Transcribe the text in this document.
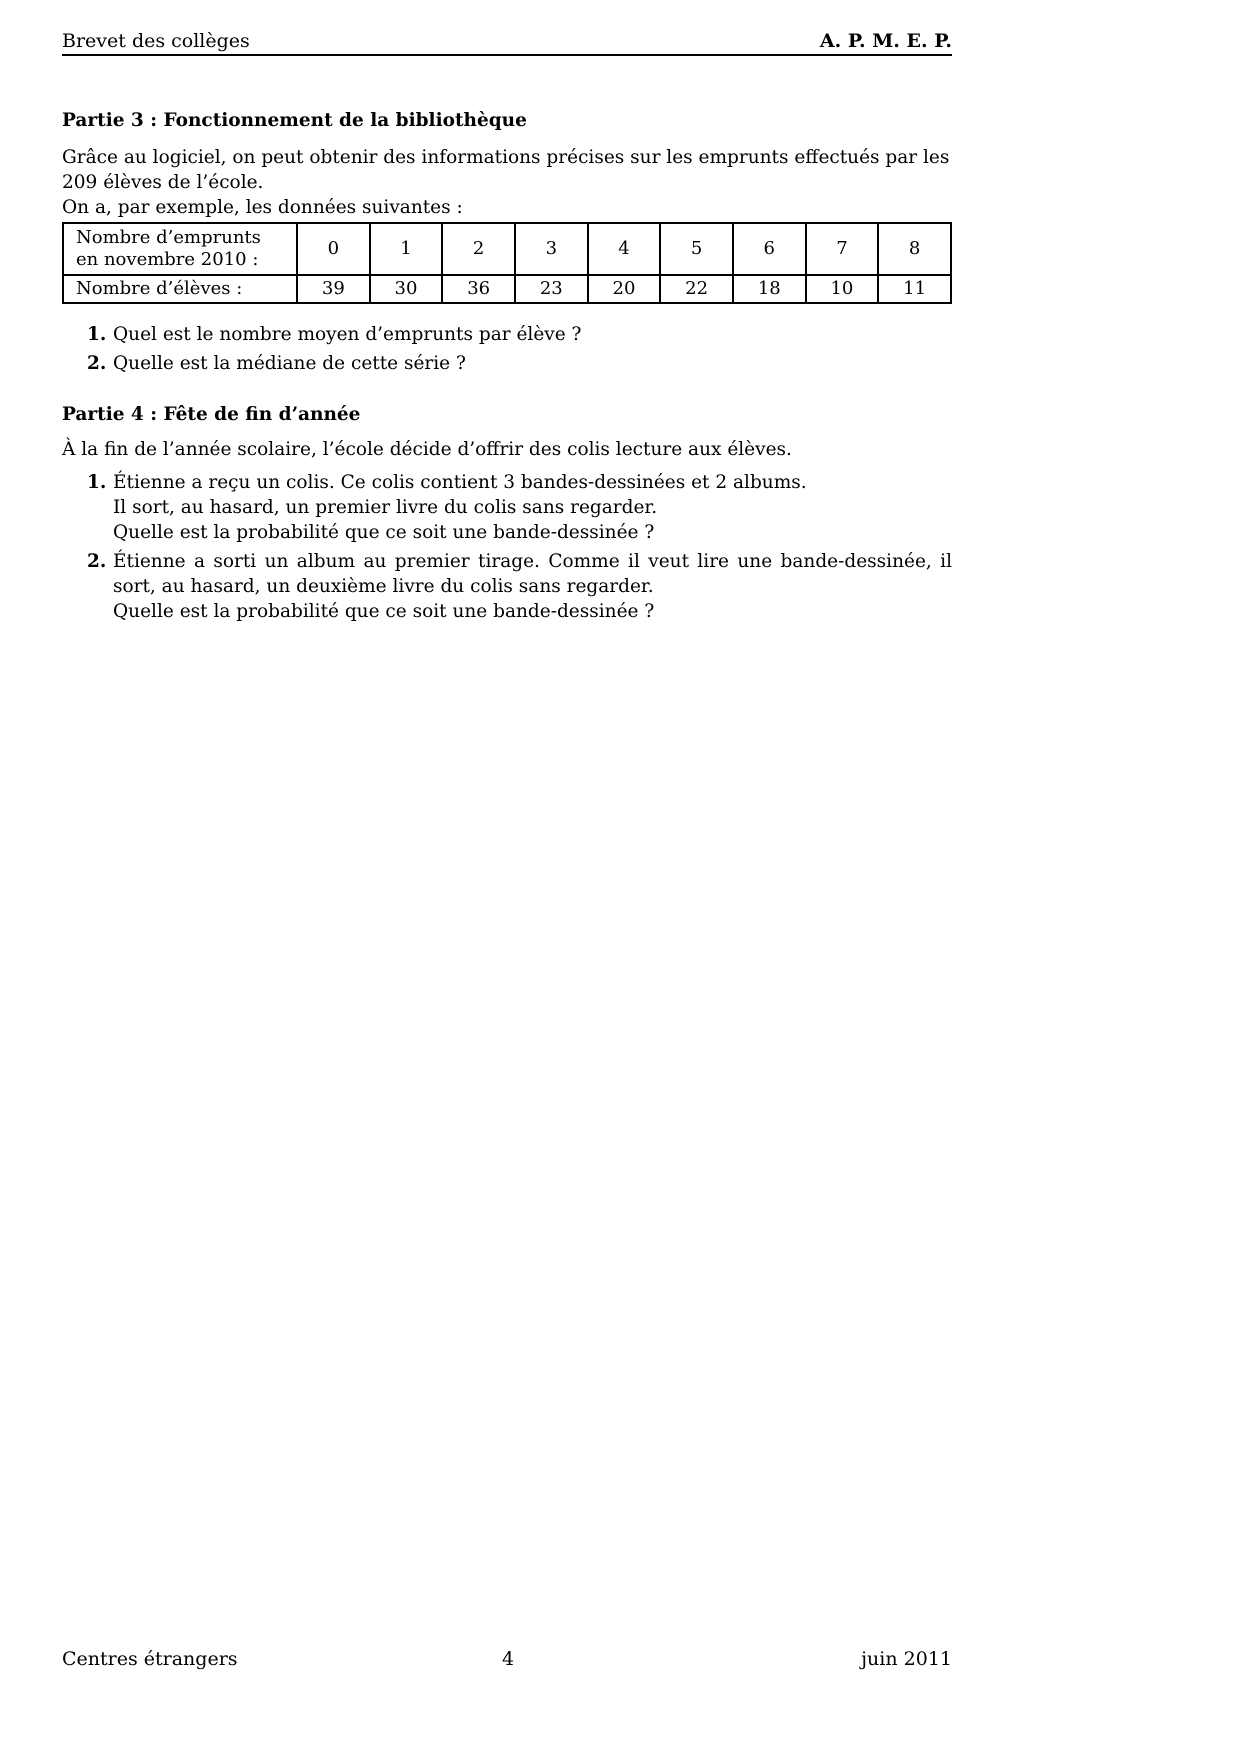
Brevet des collèges	A. P. M. E. P.

Partie 3 : Fonctionnement de la bibliothèque

Grâce au logiciel, on peut obtenir des informations précises sur les emprunts effectués par les 209 élèves de l’école.

On a, par exemple, les données suivantes :

Nombre d’emprunts en novembre 2010 :	0	1	2	3	4	5	6	7	8
Nombre d’élèves :	39	30	36	23	20	22	18	10	11
1. Quel est le nombre moyen d’emprunts par élève ?
2. Quelle est la médiane de cette série ?

Partie 4 : Fête de fin d’année

À la fin de l’année scolaire, l’école décide d’offrir des colis lecture aux élèves.

1. Étienne a reçu un colis. Ce colis contient 3 bandes-dessinées et 2 albums.
Il sort, au hasard, un premier livre du colis sans regarder.
Quelle est la probabilité que ce soit une bande-dessinée ?
2. Étienne a sorti un album au premier tirage. Comme il veut lire une bande-dessinée, il sort, au hasard, un deuxième livre du colis sans regarder.
Quelle est la probabilité que ce soit une bande-dessinée ?
Centres étrangers	4	juin 2011
